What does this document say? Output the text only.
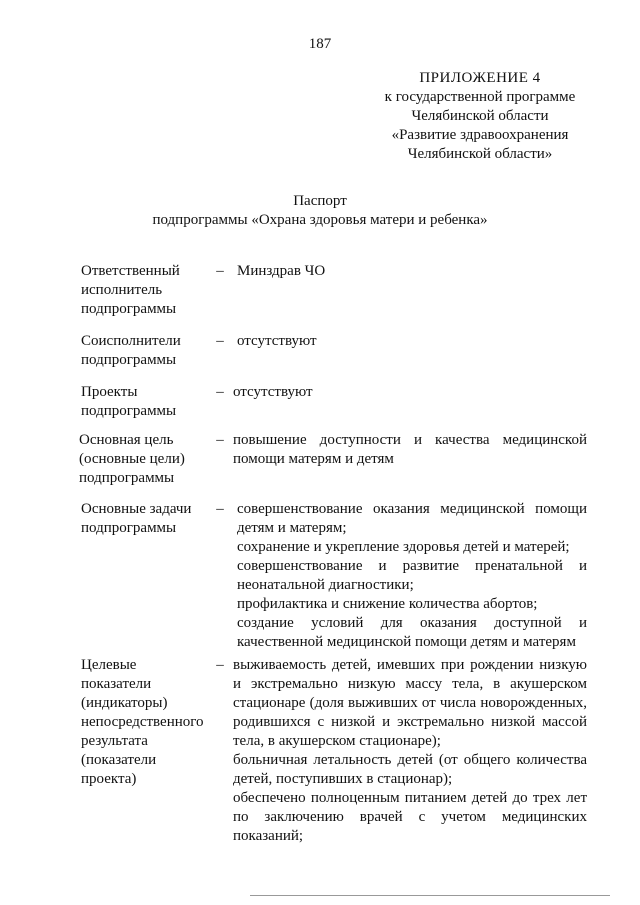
187
ПРИЛОЖЕНИЕ 4
к государственной программе
Челябинской области
«Развитие здравоохранения
Челябинской области»
Паспорт
подпрограммы «Охрана здоровья матери и ребенка»
Ответственный
исполнитель
подпрограммы
– Минздрав ЧО
Соисполнители
подпрограммы
– отсутствуют
Проекты
подпрограммы
– отсутствуют
Основная цель
(основные цели)
подпрограммы
– повышение доступности и качества медицинской помощи матерям и детям
Основные задачи
подпрограммы
– совершенствование оказания медицинской помощи детям и матерям;
сохранение и укрепление здоровья детей и матерей;
совершенствование и развитие пренатальной и неонатальной диагностики;
профилактика и снижение количества абортов;
создание условий для оказания доступной и качественной медицинской помощи детям и матерям
Целевые
показатели
(индикаторы)
непосредственного
результата
(показатели
проекта)
– выживаемость детей, имевших при рождении низкую и экстремально низкую массу тела, в акушерском стационаре (доля выживших от числа новорожденных, родившихся с низкой и экстремально низкой массой тела, в акушерском стационаре);
больничная летальность детей (от общего количества детей, поступивших в стационар);
обеспечено полноценным питанием детей до трех лет по заключению врачей с учетом медицинских показаний;
